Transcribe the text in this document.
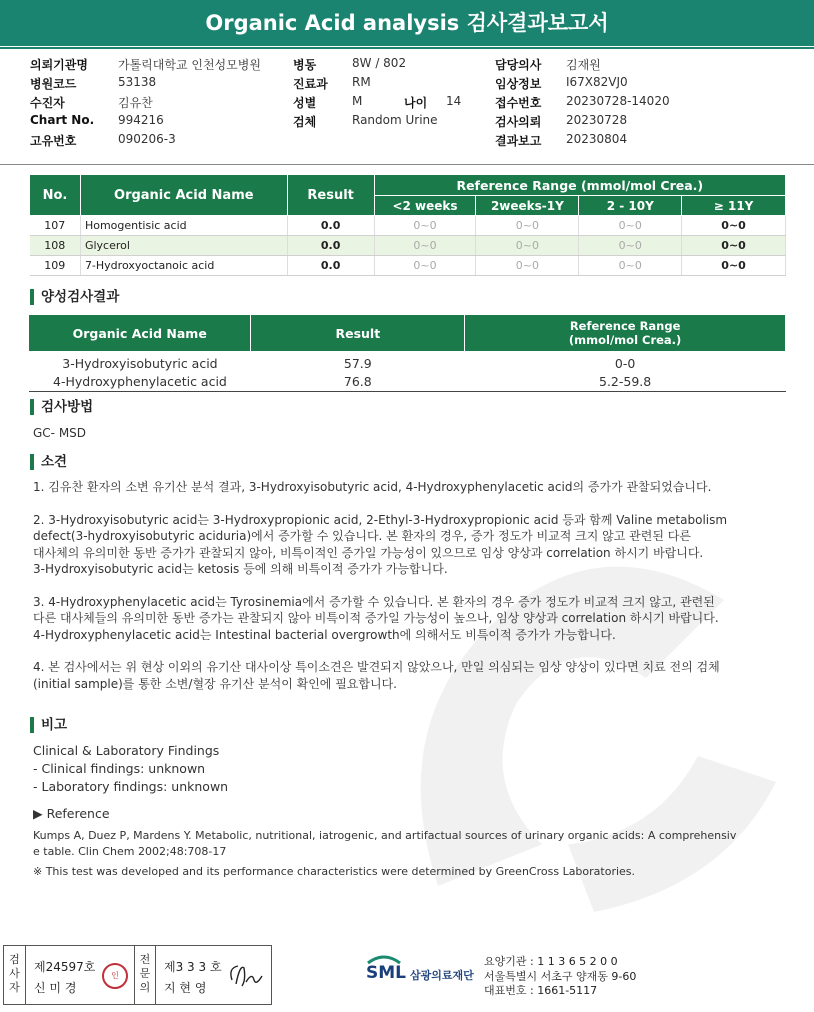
Organic Acid analysis 검사결과보고서
의뢰기관명	가톨릭대학교 인천성모병원
병원코드	53138
수진자	김유찬
Chart No. 994216
고유번호	090206-3
병동	8W / 802
진료과 RM
성별	M	나이 14
검체	Random Urine
담당의사 김재원
임상정보 I67X82VJ0
접수번호 20230728-14020
검사의뢰 20230728
결과보고 20230804
No.	Organic Acid Name	Result	Reference Range (mmol/mol Crea.)			
			<2 weeks	2weeks-1Y	2 - 10Y	≥ 11Y
107	Homogentisic acid	0.0	0~0	0~0	0~0	0~0
108	Glycerol	0.0	0~0	0~0	0~0	0~0
109	7-Hydroxyoctanoic acid	0.0	0~0	0~0	0~0	0~0
양성검사결과
Organic Acid Name	Result	Reference Range
(mmol/mol Crea.)
3-Hydroxyisobutyric acid	57.9	0-0
4-Hydroxyphenylacetic acid	76.8	5.2-59.8
검사방법
GC- MSD
소견

1. 김유찬 환자의 소변 유기산 분석 결과, 3-Hydroxyisobutyric acid, 4-Hydroxyphenylacetic acid의 증가가 관찰되었습니다.

2. 3-Hydroxyisobutyric acid는 3-Hydroxypropionic acid, 2-Ethyl-3-Hydroxypropionic acid 등과 함께 Valine metabolism

defect(3-hydroxyisobutyric aciduria)에서 증가할 수 있습니다. 본 환자의 경우, 증가 정도가 비교적 크지 않고 관련된 다른

대사체의 유의미한 동반 증가가 관찰되지 않아, 비특이적인 증가일 가능성이 있으므로 임상 양상과 correlation 하시기 바랍니다.

3-Hydroxyisobutyric acid는 ketosis 등에 의해 비특이적 증가가 가능합니다.

3. 4-Hydroxyphenylacetic acid는 Tyrosinemia에서 증가할 수 있습니다. 본 환자의 경우 증가 정도가 비교적 크지 않고, 관련된

다른 대사체들의 유의미한 동반 증가는 관찰되지 않아 비특이적 증가일 가능성이 높으나, 임상 양상과 correlation 하시기 바랍니다.

4-Hydroxyphenylacetic acid는 Intestinal bacterial overgrowth에 의해서도 비특이적 증가가 가능합니다.

4. 본 검사에서는 위 현상 이외의 유기산 대사이상 특이소견은 발견되지 않았으나, 만일 의심되는 임상 양상이 있다면 치료 전의 검체

(initial sample)를 통한 소변/혈장 유기산 분석이 확인에 필요합니다.

비고

Clinical & Laboratory Findings

- Clinical findings: unknown

- Laboratory findings: unknown

▶ Reference

Kumps A, Duez P, Mardens Y. Metabolic, nutritional, iatrogenic, and artifactual sources of urinary organic acids: A comprehensiv

e table. Clin Chem 2002;48:708-17

※ This test was developed and its performance characteristics were determined by GreenCross Laboratories.
검
사
자
제24597호
신 미 경
인
전
문
의
제3 3 3 호
지 현 영
SML 삼광의료재단
요양기관 : 1 1 3 6 5 2 0 0
서울특별시 서초구 양재동 9-60
대표번호 : 1661-5117
